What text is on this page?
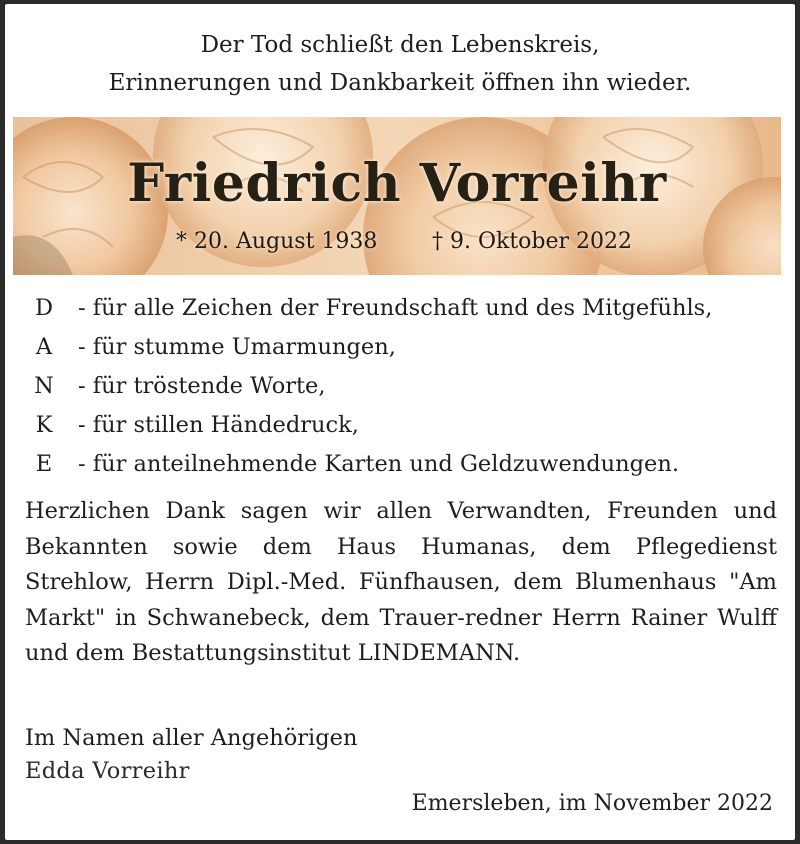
Der Tod schließt den Lebenskreis,
Erinnerungen und Dankbarkeit öffnen ihn wieder.
Friedrich Vorreihr
* 20. August 1938 † 9. Oktober 2022
D - für alle Zeichen der Freundschaft und des Mitgefühls,
A - für stumme Umarmungen,
N - für tröstende Worte,
K - für stillen Händedruck,
E - für anteilnehmende Karten und Geldzuwendungen.
Herzlichen Dank sagen wir allen Verwandten, Freunden und Bekannten sowie dem Haus Humanas, dem Pflegedienst Strehlow, Herrn Dipl.-Med. Fünfhausen, dem Blumenhaus "Am Markt" in Schwanebeck, dem Trauer-redner Herrn Rainer Wulff und dem Bestattungsinstitut LINDEMANN.
Im Namen aller Angehörigen
Edda Vorreihr
Emersleben, im November 2022
